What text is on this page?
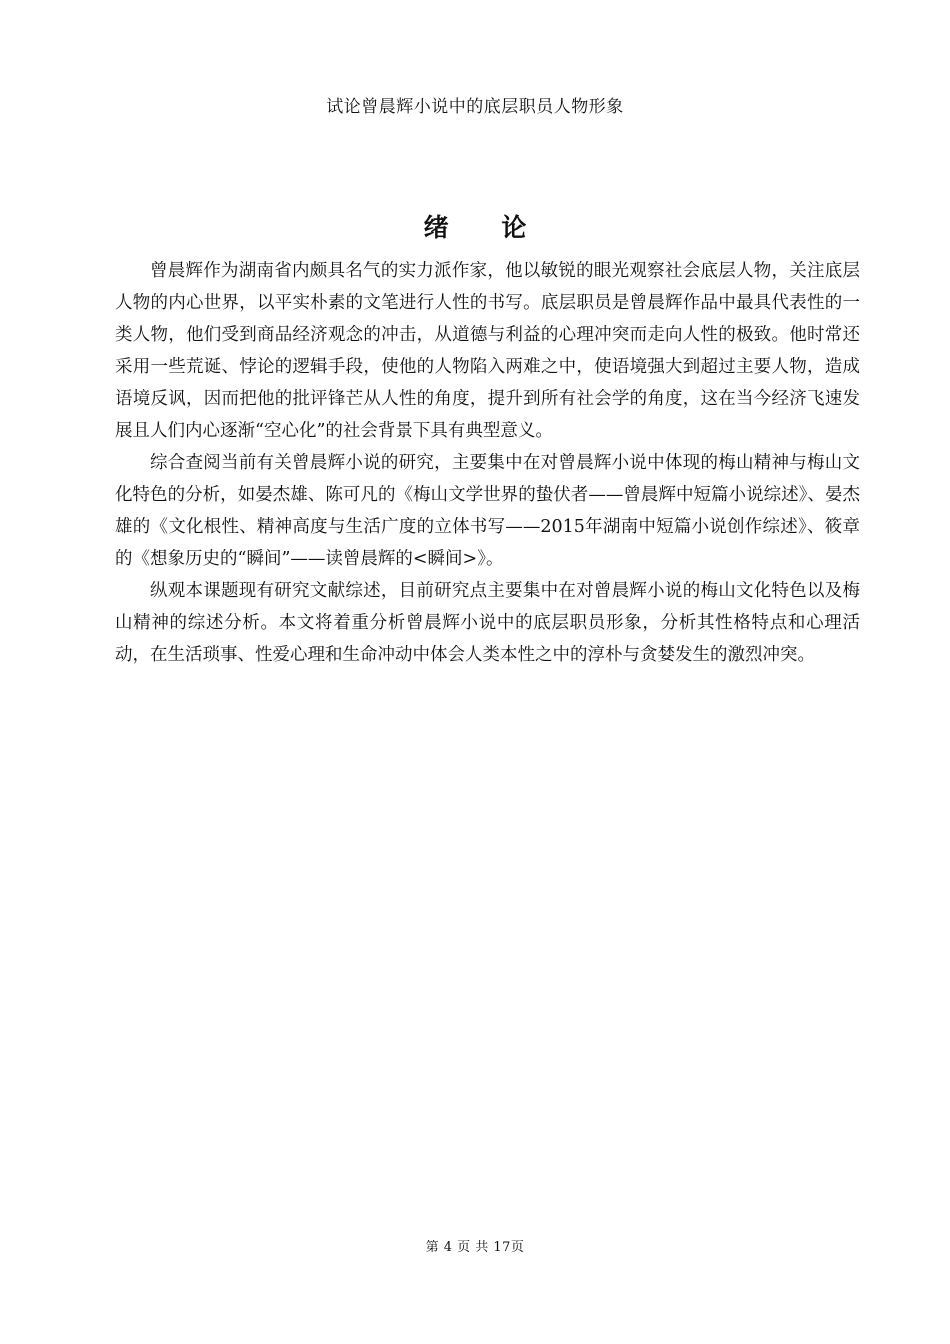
试论曾晨辉小说中的底层职员人物形象
绪 论

曾晨辉作为湖南省内颇具名气的实力派作家，他以敏锐的眼光观察社会底层人物，关注底层人物的内心世界，以平实朴素的文笔进行人性的书写。底层职员是曾晨辉作品中最具代表性的一类人物，他们受到商品经济观念的冲击，从道德与利益的心理冲突而走向人性的极致。他时常还采用一些荒诞、悖论的逻辑手段，使他的人物陷入两难之中，使语境强大到超过主要人物，造成语境反讽，因而把他的批评锋芒从人性的角度，提升到所有社会学的角度，这在当今经济飞速发展且人们内心逐渐“空心化”的社会背景下具有典型意义。

综合查阅当前有关曾晨辉小说的研究，主要集中在对曾晨辉小说中体现的梅山精神与梅山文化特色的分析，如晏杰雄、陈可凡的《梅山文学世界的蛰伏者——曾晨辉中短篇小说综述》、晏杰雄的《文化根性、精神高度与生活广度的立体书写——2015年湖南中短篇小说创作综述》、筱章的《想象历史的“瞬间”——读曾晨辉的<瞬间>》。

纵观本课题现有研究文献综述，目前研究点主要集中在对曾晨辉小说的梅山文化特色以及梅山精神的综述分析。本文将着重分析曾晨辉小说中的底层职员形象，分析其性格特点和心理活动，在生活琐事、性爱心理和生命冲动中体会人类本性之中的淳朴与贪婪发生的激烈冲突。

第 4 页 共 17页
